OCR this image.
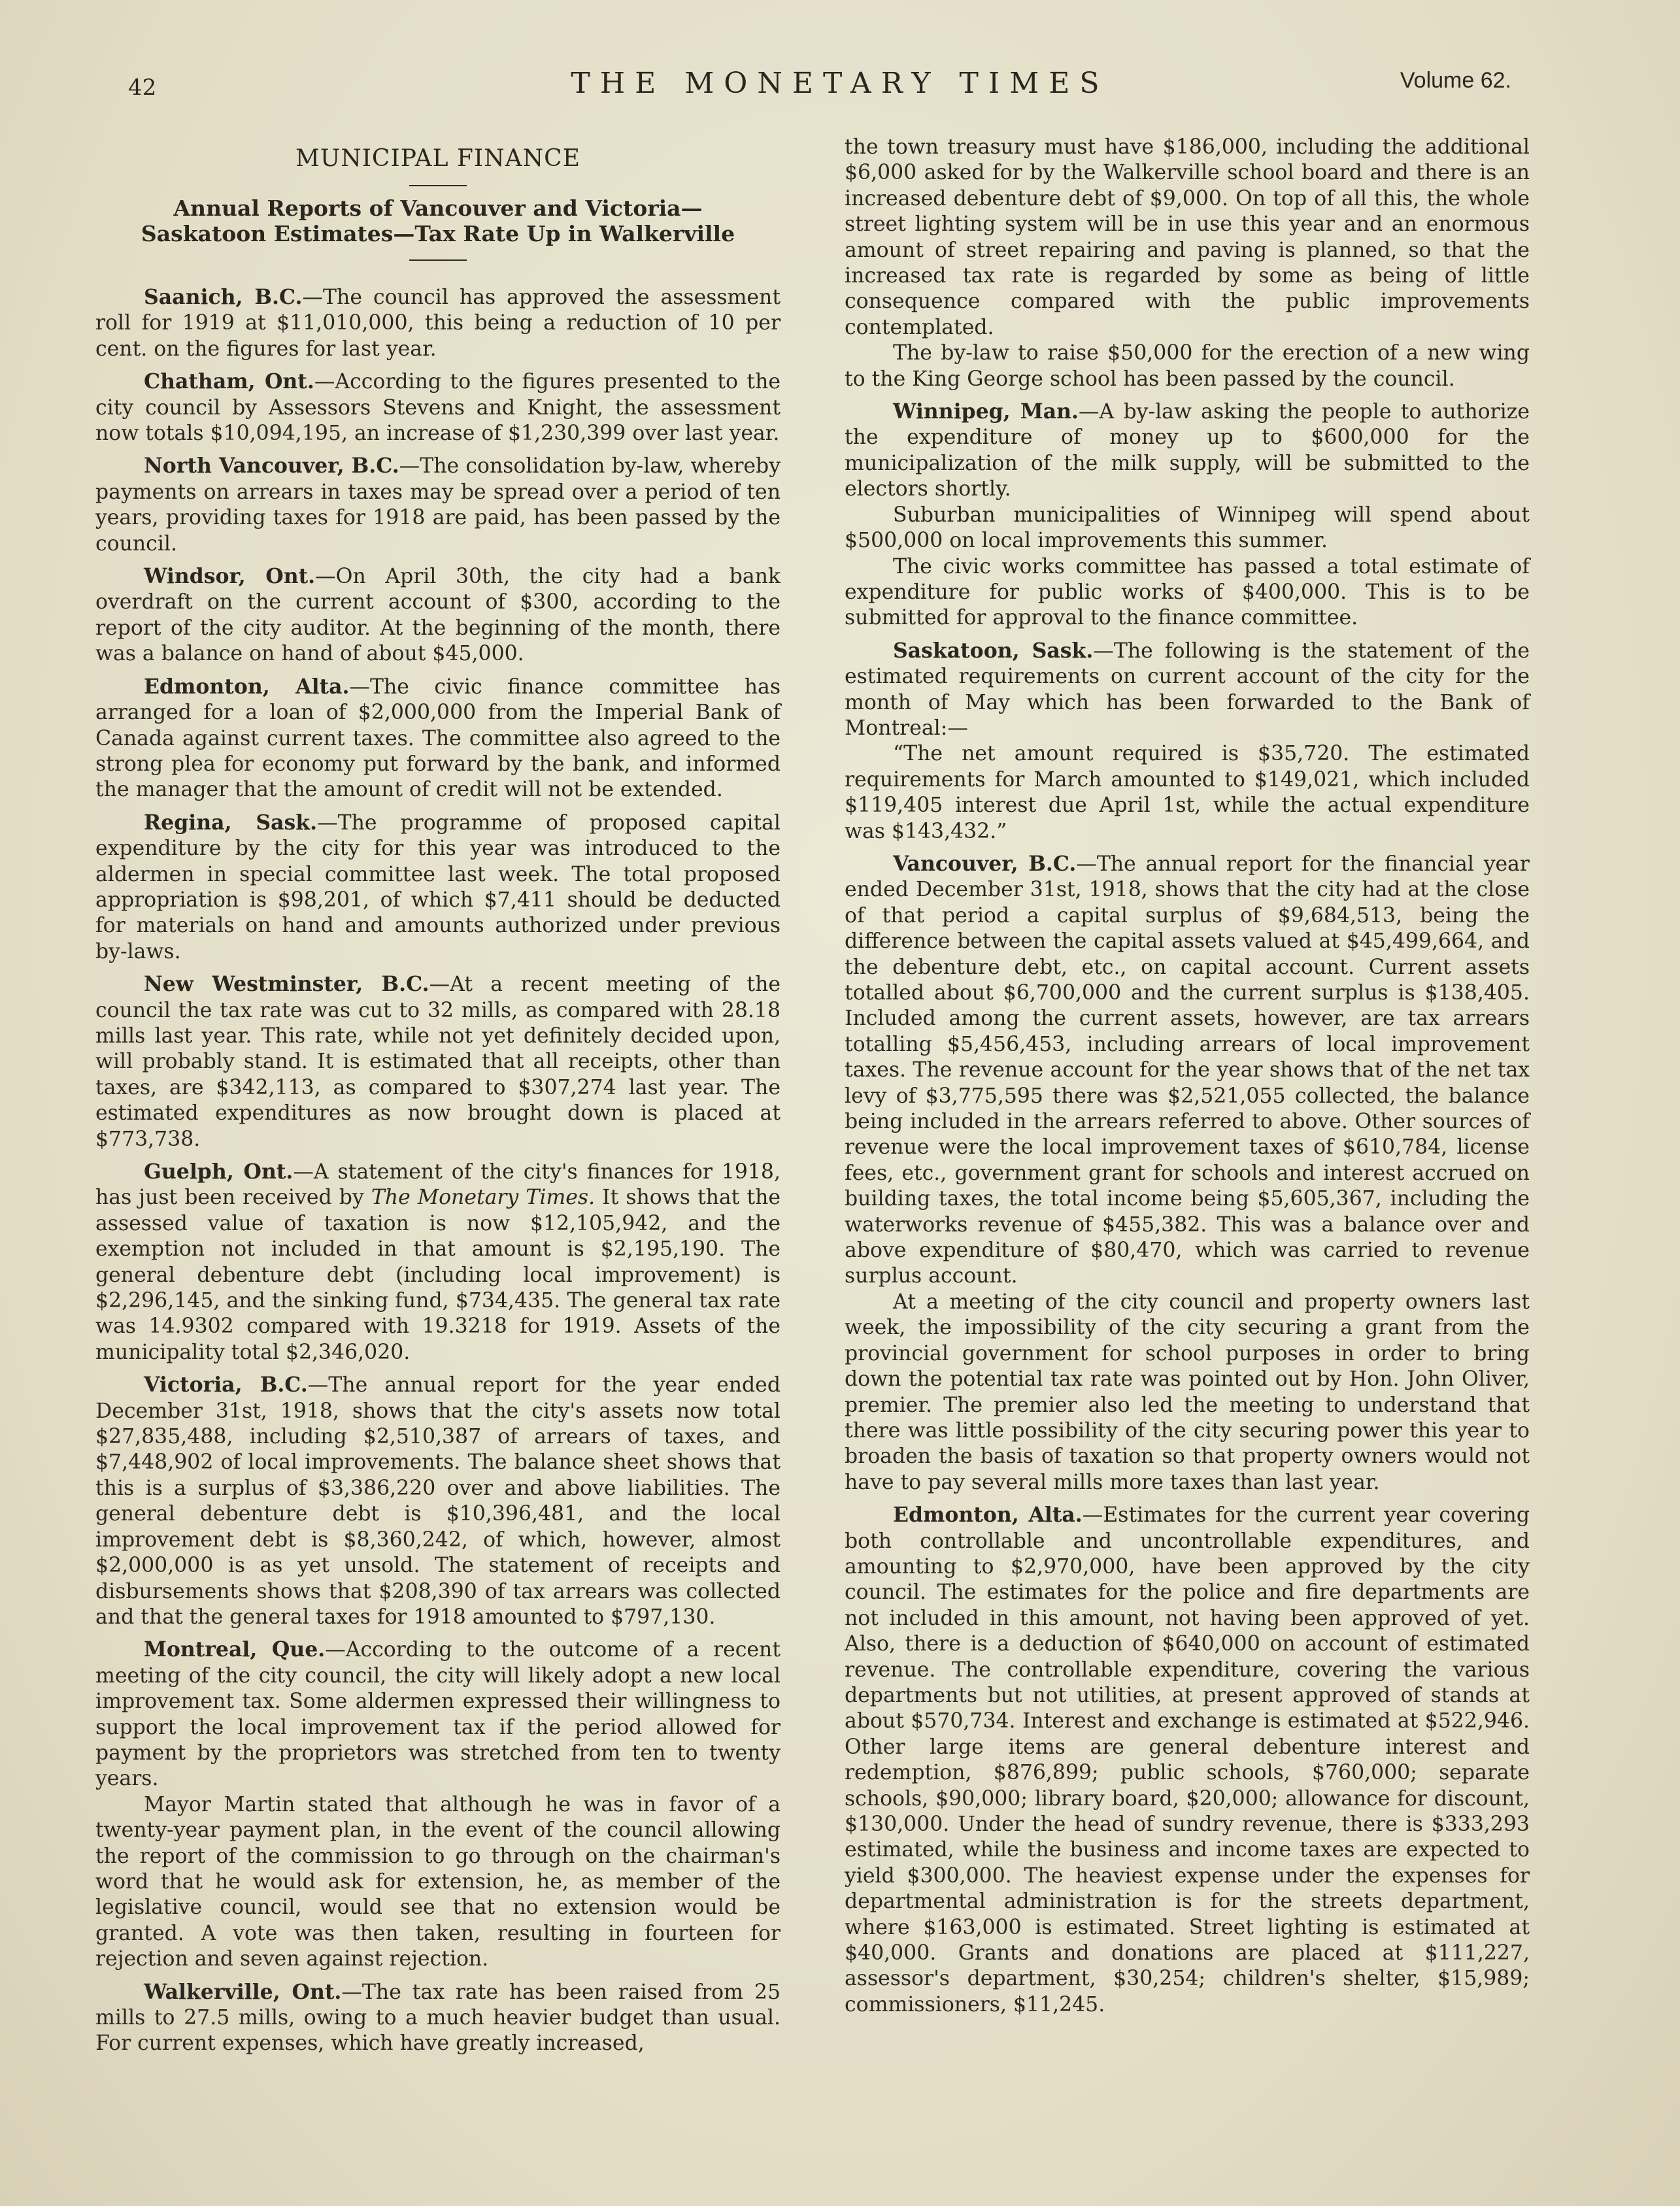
42	THE MONETARY TIMES	Volume 62.
MUNICIPAL FINANCE
Annual Reports of Vancouver and Victoria—Saskatoon Estimates—Tax Rate Up in Walkerville

Saanich, B.C.—The council has approved the assessment roll for 1919 at $11,010,000, this being a reduction of 10 per cent. on the figures for last year.

Chatham, Ont.—According to the figures presented to the city council by Assessors Stevens and Knight, the assessment now totals $10,094,195, an increase of $1,230,399 over last year.

North Vancouver, B.C.—The consolidation by-law, whereby payments on arrears in taxes may be spread over a period of ten years, providing taxes for 1918 are paid, has been passed by the council.

Windsor, Ont.—On April 30th, the city had a bank overdraft on the current account of $300, according to the report of the city auditor. At the beginning of the month, there was a balance on hand of about $45,000.

Edmonton, Alta.—The civic finance committee has arranged for a loan of $2,000,000 from the Imperial Bank of Canada against current taxes. The committee also agreed to the strong plea for economy put forward by the bank, and informed the manager that the amount of credit will not be extended.

Regina, Sask.—The programme of proposed capital expenditure by the city for this year was introduced to the aldermen in special committee last week. The total proposed appropriation is $98,201, of which $7,411 should be deducted for materials on hand and amounts authorized under previous by-laws.

New Westminster, B.C.—At a recent meeting of the council the tax rate was cut to 32 mills, as compared with 28.18 mills last year. This rate, while not yet definitely decided upon, will probably stand. It is estimated that all receipts, other than taxes, are $342,113, as compared to $307,274 last year. The estimated expenditures as now brought down is placed at $773,738.

Guelph, Ont.—A statement of the city's finances for 1918, has just been received by The Monetary Times. It shows that the assessed value of taxation is now $12,105,942, and the exemption not included in that amount is $2,195,190. The general debenture debt (including local improvement) is $2,296,145, and the sinking fund, $734,435. The general tax rate was 14.9302 compared with 19.3218 for 1919. Assets of the municipality total $2,346,020.

Victoria, B.C.—The annual report for the year ended December 31st, 1918, shows that the city's assets now total $27,835,488, including $2,510,387 of arrears of taxes, and $7,448,902 of local improvements. The balance sheet shows that this is a surplus of $3,386,220 over and above liabilities. The general debenture debt is $10,396,481, and the local improvement debt is $8,360,242, of which, however, almost $2,000,000 is as yet unsold. The statement of receipts and disbursements shows that $208,390 of tax arrears was collected and that the general taxes for 1918 amounted to $797,130.

Montreal, Que.—According to the outcome of a recent meeting of the city council, the city will likely adopt a new local improvement tax. Some aldermen expressed their willingness to support the local improvement tax if the period allowed for payment by the proprietors was stretched from ten to twenty years.

Mayor Martin stated that although he was in favor of a twenty-year payment plan, in the event of the council allowing the report of the commission to go through on the chairman's word that he would ask for extension, he, as member of the legislative council, would see that no extension would be granted. A vote was then taken, resulting in fourteen for rejection and seven against rejection.

Walkerville, Ont.—The tax rate has been raised from 25 mills to 27.5 mills, owing to a much heavier budget than usual. For current expenses, which have greatly increased,

the town treasury must have $186,000, including the additional $6,000 asked for by the Walkerville school board and there is an increased debenture debt of $9,000. On top of all this, the whole street lighting system will be in use this year and an enormous amount of street repairing and paving is planned, so that the increased tax rate is regarded by some as being of little consequence compared with the public improvements contemplated.

The by-law to raise $50,000 for the erection of a new wing to the King George school has been passed by the council.

Winnipeg, Man.—A by-law asking the people to authorize the expenditure of money up to $600,000 for the municipalization of the milk supply, will be submitted to the electors shortly.

Suburban municipalities of Winnipeg will spend about $500,000 on local improvements this summer.

The civic works committee has passed a total estimate of expenditure for public works of $400,000. This is to be submitted for approval to the finance committee.

Saskatoon, Sask.—The following is the statement of the estimated requirements on current account of the city for the month of May which has been forwarded to the Bank of Montreal:—

“The net amount required is $35,720. The estimated requirements for March amounted to $149,021, which included $119,405 interest due April 1st, while the actual expenditure was $143,432.”

Vancouver, B.C.—The annual report for the financial year ended December 31st, 1918, shows that the city had at the close of that period a capital surplus of $9,684,513, being the difference between the capital assets valued at $45,499,664, and the debenture debt, etc., on capital account. Current assets totalled about $6,700,000 and the current surplus is $138,405. Included among the current assets, however, are tax arrears totalling $5,456,453, including arrears of local improvement taxes. The revenue account for the year shows that of the net tax levy of $3,775,595 there was $2,521,055 collected, the balance being included in the arrears referred to above. Other sources of revenue were the local improvement taxes of $610,784, license fees, etc., government grant for schools and interest accrued on building taxes, the total income being $5,605,367, including the waterworks revenue of $455,382. This was a balance over and above expenditure of $80,470, which was carried to revenue surplus account.

At a meeting of the city council and property owners last week, the impossibility of the city securing a grant from the provincial government for school purposes in order to bring down the potential tax rate was pointed out by Hon. John Oliver, premier. The premier also led the meeting to understand that there was little possibility of the city securing power this year to broaden the basis of taxation so that property owners would not have to pay several mills more taxes than last year.

Edmonton, Alta.—Estimates for the current year covering both controllable and uncontrollable expenditures, and amounting to $2,970,000, have been approved by the city council. The estimates for the police and fire departments are not included in this amount, not having been approved of yet. Also, there is a deduction of $640,000 on account of estimated revenue. The controllable expenditure, covering the various departments but not utilities, at present approved of stands at about $570,734. Interest and exchange is estimated at $522,946. Other large items are general debenture interest and redemption, $876,899; public schools, $760,000; separate schools, $90,000; library board, $20,000; allowance for discount, $130,000. Under the head of sundry revenue, there is $333,293 estimated, while the business and income taxes are expected to yield $300,000. The heaviest expense under the expenses for departmental administration is for the streets department, where $163,000 is estimated. Street lighting is estimated at $40,000. Grants and donations are placed at $111,227, assessor's department, $30,254; children's shelter, $15,989; commissioners, $11,245.
